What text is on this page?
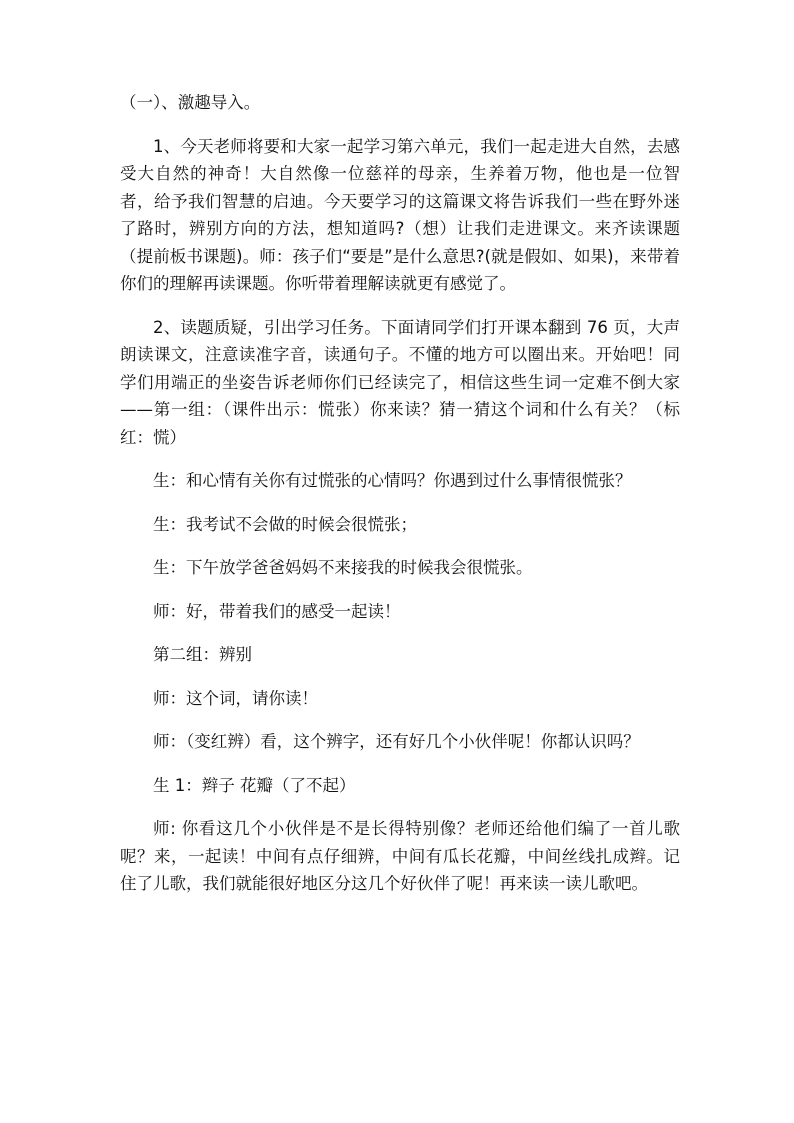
（一）、激趣导入。

1、今天老师将要和大家一起学习第六单元，我们一起走进大自然，去感受大自然的神奇！大自然像一位慈祥的母亲，生养着万物，他也是一位智者，给予我们智慧的启迪。今天要学习的这篇课文将告诉我们一些在野外迷了路时，辨别方向的方法，想知道吗?（想）让我们走进课文。来齐读课题（提前板书课题)。师：孩子们“要是”是什么意思?(就是假如、如果)，来带着你们的理解再读课题。你听带着理解读就更有感觉了。

2、读题质疑，引出学习任务。下面请同学们打开课本翻到 76 页，大声朗读课文，注意读准字音，读通句子。不懂的地方可以圈出来。开始吧！同学们用端正的坐姿告诉老师你们已经读完了，相信这些生词一定难不倒大家——第一组：（课件出示：慌张）你来读？猜一猜这个词和什么有关？（标红：慌）

生：和心情有关你有过慌张的心情吗？你遇到过什么事情很慌张？

生：我考试不会做的时候会很慌张；

生：下午放学爸爸妈妈不来接我的时候我会很慌张。

师：好，带着我们的感受一起读！

第二组：辨别

师：这个词，请你读！

师：（变红辨）看，这个辨字，还有好几个小伙伴呢！你都认识吗？

生 1：辫子 花瓣（了不起）

师: 你看这几个小伙伴是不是长得特别像？老师还给他们编了一首儿歌呢？来，一起读！中间有点仔细辨，中间有瓜长花瓣，中间丝线扎成辫。记住了儿歌，我们就能很好地区分这几个好伙伴了呢！再来读一读儿歌吧。
